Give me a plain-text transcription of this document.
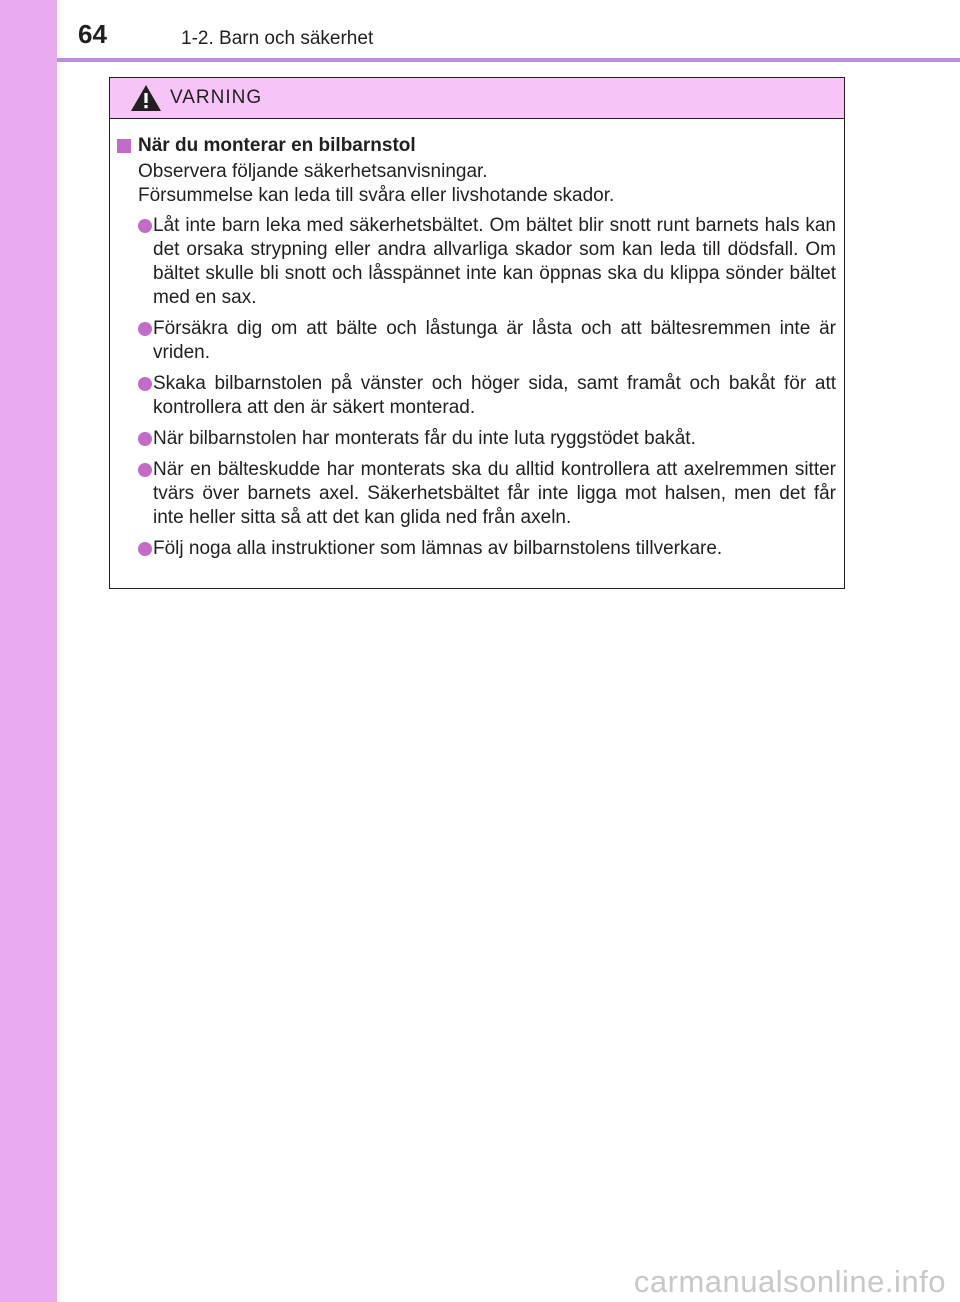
64	1-2. Barn och säkerhet
VARNING
När du monterar en bilbarnstol
Observera följande säkerhetsanvisningar.
Försummelse kan leda till svåra eller livshotande skador.
Låt inte barn leka med säkerhetsbältet. Om bältet blir snott runt barnets hals kan det orsaka strypning eller andra allvarliga skador som kan leda till dödsfall. Om bältet skulle bli snott och låsspännet inte kan öppnas ska du klippa sönder bältet med en sax.
Försäkra dig om att bälte och låstunga är låsta och att bältesremmen inte är vriden.
Skaka bilbarnstolen på vänster och höger sida, samt framåt och bakåt för att kontrollera att den är säkert monterad.
När bilbarnstolen har monterats får du inte luta ryggstödet bakåt.
När en bälteskudde har monterats ska du alltid kontrollera att axelremmen sitter tvärs över barnets axel. Säkerhetsbältet får inte ligga mot halsen, men det får inte heller sitta så att det kan glida ned från axeln.
Följ noga alla instruktioner som lämnas av bilbarnstolens tillverkare.
carmanualsonline.info
